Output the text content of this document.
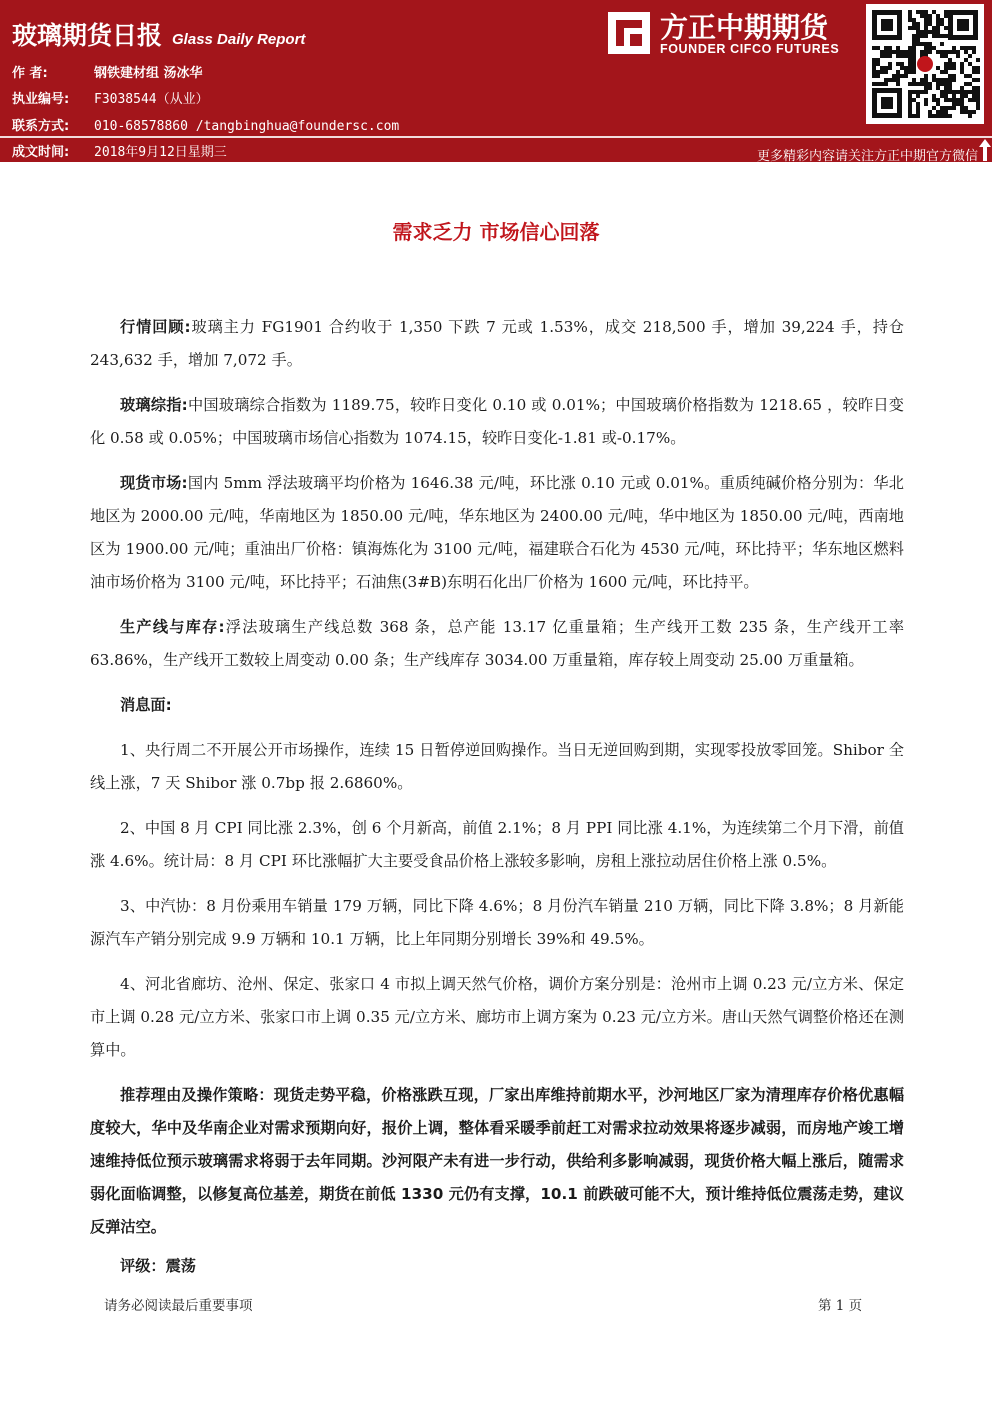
玻璃期货日报 Glass Daily Report
作 者:	钢铁建材组 汤冰华
执业编号: F3038544（从业）
联系方式: 010-68578860 /tangbinghua@foundersc.com
成文时间: 2018年9月12日星期三
方正中期期货
FOUNDER CIFCO FUTURES
更多精彩内容请关注方正中期官方微信
需求乏力 市场信心回落

行情回顾:玻璃主力 FG1901 合约收于 1,350 下跌 7 元或 1.53%，成交 218,500 手，增加 39,224 手，持仓 243,632 手，增加 7,072 手。

玻璃综指:中国玻璃综合指数为 1189.75，较昨日变化 0.10 或 0.01%；中国玻璃价格指数为 1218.65 ，较昨日变化 0.58 或 0.05%；中国玻璃市场信心指数为 1074.15，较昨日变化-1.81 或-0.17%。

现货市场:国内 5mm 浮法玻璃平均价格为 1646.38 元/吨，环比涨 0.10 元或 0.01%。重质纯碱价格分别为：华北地区为 2000.00 元/吨，华南地区为 1850.00 元/吨，华东地区为 2400.00 元/吨，华中地区为 1850.00 元/吨，西南地区为 1900.00 元/吨；重油出厂价格：镇海炼化为 3100 元/吨，福建联合石化为 4530 元/吨，环比持平；华东地区燃料油市场价格为 3100 元/吨，环比持平；石油焦(3#B)东明石化出厂价格为 1600 元/吨，环比持平。

生产线与库存:浮法玻璃生产线总数 368 条，总产能 13.17 亿重量箱；生产线开工数 235 条，生产线开工率 63.86%，生产线开工数较上周变动 0.00 条；生产线库存 3034.00 万重量箱，库存较上周变动 25.00 万重量箱。

消息面:

1、央行周二不开展公开市场操作，连续 15 日暂停逆回购操作。当日无逆回购到期，实现零投放零回笼。Shibor 全线上涨，7 天 Shibor 涨 0.7bp 报 2.6860%。

2、中国 8 月 CPI 同比涨 2.3%，创 6 个月新高，前值 2.1%；8 月 PPI 同比涨 4.1%，为连续第二个月下滑，前值涨 4.6%。统计局：8 月 CPI 环比涨幅扩大主要受食品价格上涨较多影响，房租上涨拉动居住价格上涨 0.5%。

3、中汽协：8 月份乘用车销量 179 万辆，同比下降 4.6%；8 月份汽车销量 210 万辆，同比下降 3.8%；8 月新能源汽车产销分别完成 9.9 万辆和 10.1 万辆，比上年同期分别增长 39%和 49.5%。

4、河北省廊坊、沧州、保定、张家口 4 市拟上调天然气价格，调价方案分别是：沧州市上调 0.23 元/立方米、保定市上调 0.28 元/立方米、张家口市上调 0.35 元/立方米、廊坊市上调方案为 0.23 元/立方米。唐山天然气调整价格还在测算中。

推荐理由及操作策略：现货走势平稳，价格涨跌互现，厂家出库维持前期水平，沙河地区厂家为清理库存价格优惠幅度较大，华中及华南企业对需求预期向好，报价上调，整体看采暖季前赶工对需求拉动效果将逐步减弱，而房地产竣工增速维持低位预示玻璃需求将弱于去年同期。沙河限产未有进一步行动，供给利多影响减弱，现货价格大幅上涨后，随需求弱化面临调整，以修复高位基差，期货在前低 1330 元仍有支撑，10.1 前跌破可能不大，预计维持低位震荡走势，建议反弹沽空。

评级：震荡

请务必阅读最后重要事项	第 1 页
